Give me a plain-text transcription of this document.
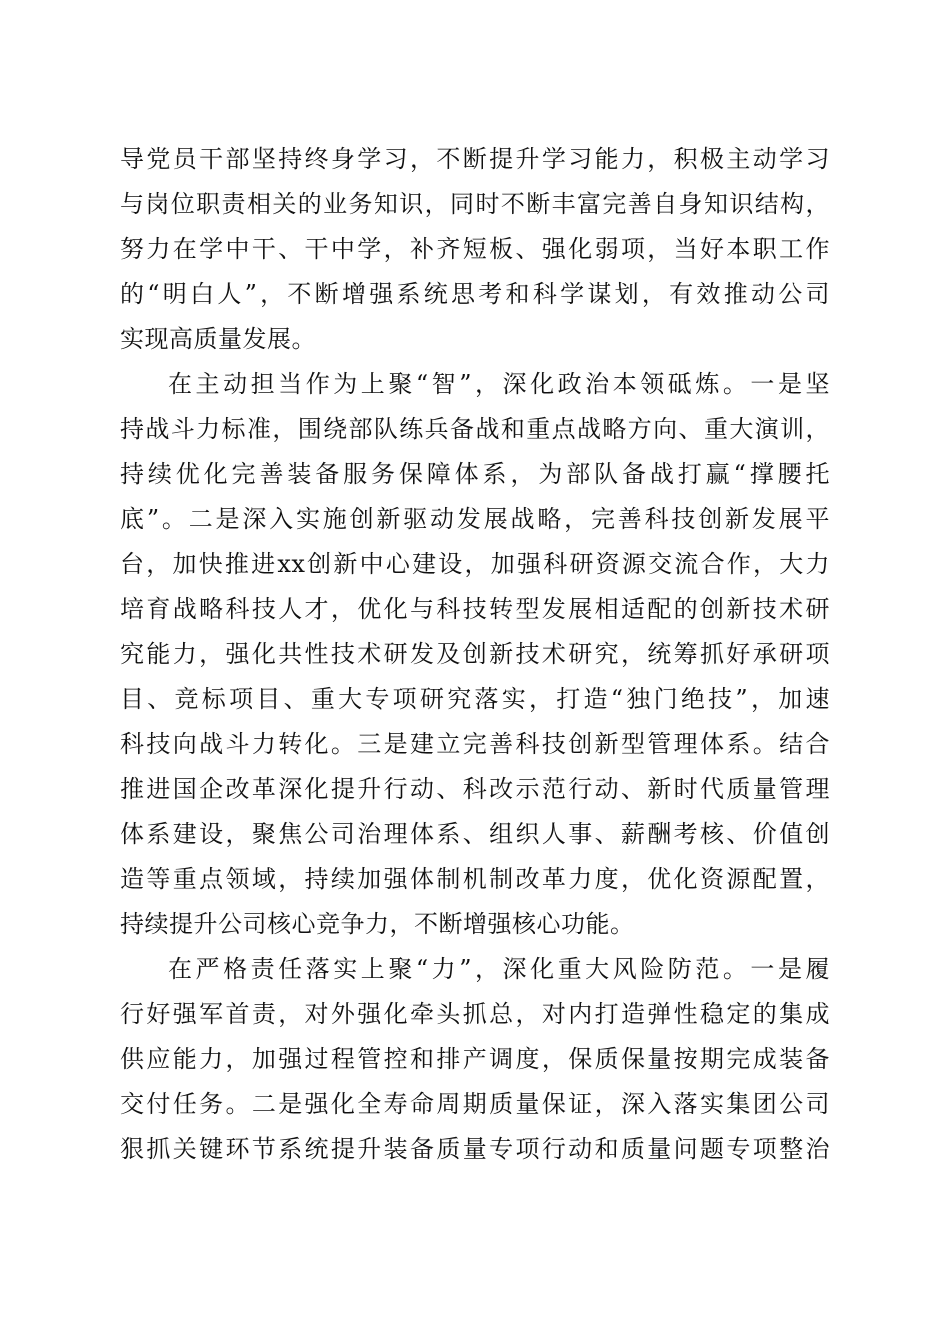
导党员干部坚持终身学习，不断提升学习能力，积极主动学习
与岗位职责相关的业务知识，同时不断丰富完善自身知识结构，
努力在学中干、干中学，补齐短板、强化弱项，当好本职工作
的“明白人”，不断增强系统思考和科学谋划，有效推动公司
实现高质量发展。
在主动担当作为上聚“智”，深化政治本领砥炼。一是坚
持战斗力标准，围绕部队练兵备战和重点战略方向、重大演训，
持续优化完善装备服务保障体系，为部队备战打赢“撑腰托
底”。二是深入实施创新驱动发展战略，完善科技创新发展平
台，加快推进xx创新中心建设，加强科研资源交流合作，大力
培育战略科技人才，优化与科技转型发展相适配的创新技术研
究能力，强化共性技术研发及创新技术研究，统筹抓好承研项
目、竞标项目、重大专项研究落实，打造“独门绝技”，加速
科技向战斗力转化。三是建立完善科技创新型管理体系。结合
推进国企改革深化提升行动、科改示范行动、新时代质量管理
体系建设，聚焦公司治理体系、组织人事、薪酬考核、价值创
造等重点领域，持续加强体制机制改革力度，优化资源配置，
持续提升公司核心竞争力，不断增强核心功能。
在严格责任落实上聚“力”，深化重大风险防范。一是履
行好强军首责，对外强化牵头抓总，对内打造弹性稳定的集成
供应能力，加强过程管控和排产调度，保质保量按期完成装备
交付任务。二是强化全寿命周期质量保证，深入落实集团公司
狠抓关键环节系统提升装备质量专项行动和质量问题专项整治
